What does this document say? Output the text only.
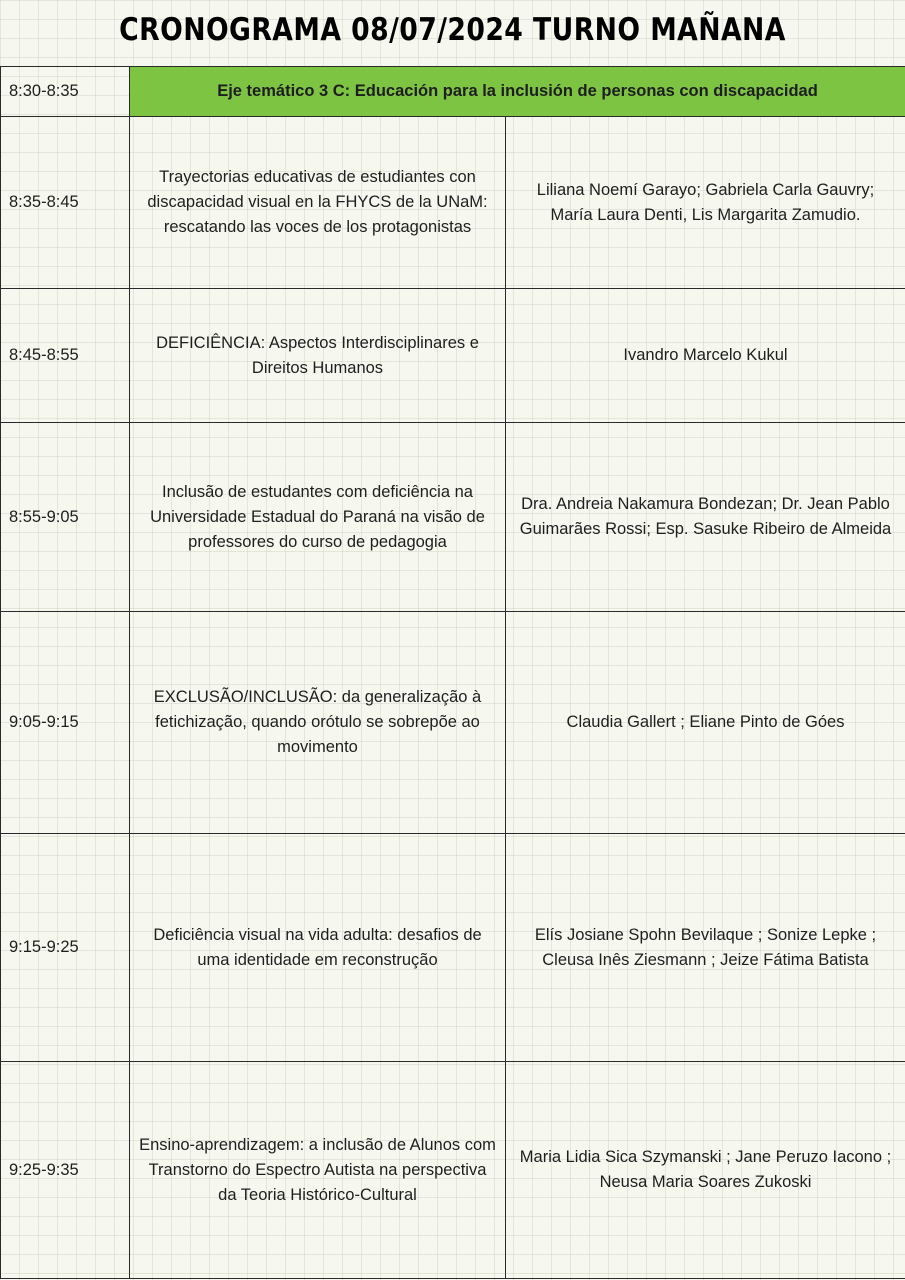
CRONOGRAMA 08/07/2024 TURNO MAÑANA
8:30-8:35	Eje temático 3 C: Educación para la inclusión de personas con discapacidad	
8:35-8:45	Trayectorias educativas de estudiantes con discapacidad visual en la FHYCS de la UNaM: rescatando las voces de los protagonistas	Liliana Noemí Garayo; Gabriela Carla Gauvry; María Laura Denti, Lis Margarita Zamudio.
8:45-8:55	DEFICIÊNCIA: Aspectos Interdisciplinares e Direitos Humanos	Ivandro Marcelo Kukul
8:55-9:05	Inclusão de estudantes com deficiência na Universidade Estadual do Paraná na visão de professores do curso de pedagogia	Dra. Andreia Nakamura Bondezan; Dr. Jean Pablo Guimarães Rossi; Esp. Sasuke Ribeiro de Almeida
9:05-9:15	EXCLUSÃO/INCLUSÃO: da generalização à fetichização, quando orótulo se sobrepõe ao movimento	Claudia Gallert ; Eliane Pinto de Góes
9:15-9:25	Deficiência visual na vida adulta: desafios de uma identidade em reconstrução	Elís Josiane Spohn Bevilaque ; Sonize Lepke ; Cleusa Inês Ziesmann ; Jeize Fátima Batista
9:25-9:35	Ensino-aprendizagem: a inclusão de Alunos com Transtorno do Espectro Autista na perspectiva da Teoria Histórico-Cultural	Maria Lidia Sica Szymanski ; Jane Peruzo Iacono ; Neusa Maria Soares Zukoski
